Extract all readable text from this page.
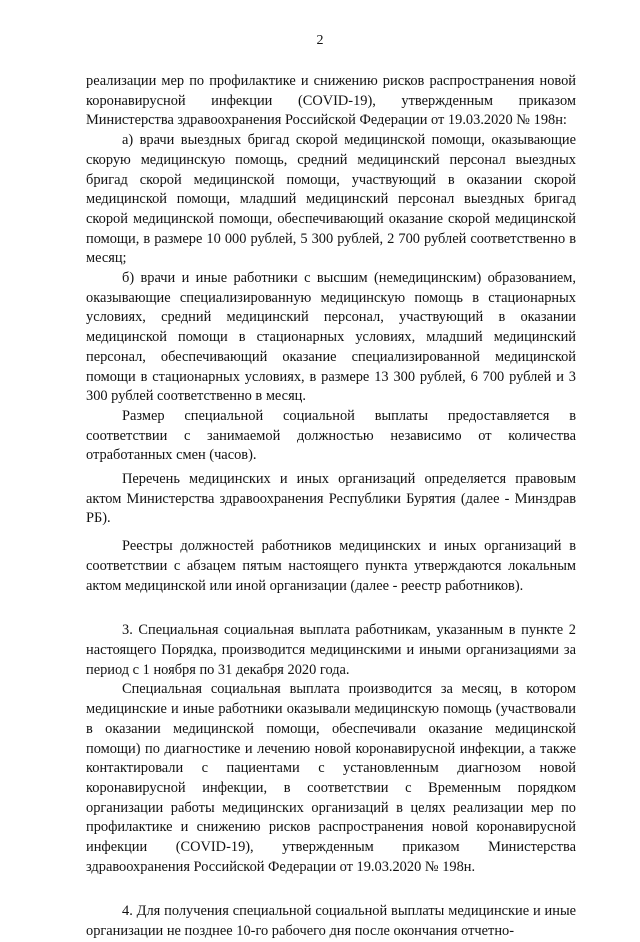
2

реализации мер по профилактике и снижению рисков распространения новой коронавирусной инфекции (COVID-19), утвержденным приказом Министерства здравоохранения Российской Федерации от 19.03.2020 № 198н:

а) врачи выездных бригад скорой медицинской помощи, оказывающие скорую медицинскую помощь, средний медицинский персонал выездных бригад скорой медицинской помощи, участвующий в оказании скорой медицинской помощи, младший медицинский персонал выездных бригад скорой медицинской помощи, обеспечивающий оказание скорой медицинской помощи, в размере 10 000 рублей, 5 300 рублей, 2 700 рублей соответственно в месяц;

б) врачи и иные работники с высшим (немедицинским) образованием, оказывающие специализированную медицинскую помощь в стационарных условиях, средний медицинский персонал, участвующий в оказании медицинской помощи в стационарных условиях, младший медицинский персонал, обеспечивающий оказание специализированной медицинской помощи в стационарных условиях, в размере 13 300 рублей, 6 700 рублей и 3 300 рублей соответственно в месяц.

Размер специальной социальной выплаты предоставляется в соответствии с занимаемой должностью независимо от количества отработанных смен (часов).

Перечень медицинских и иных организаций определяется правовым актом Министерства здравоохранения Республики Бурятия (далее - Минздрав РБ).

Реестры должностей работников медицинских и иных организаций в соответствии с абзацем пятым настоящего пункта утверждаются локальным актом медицинской или иной организации (далее - реестр работников).

3. Специальная социальная выплата работникам, указанным в пункте 2 настоящего Порядка, производится медицинскими и иными организациями за период с 1 ноября по 31 декабря 2020 года.

Специальная социальная выплата производится за месяц, в котором медицинские и иные работники оказывали медицинскую помощь (участвовали в оказании медицинской помощи, обеспечивали оказание медицинской помощи) по диагностике и лечению новой коронавирусной инфекции, а также контактировали с пациентами с установленным диагнозом новой коронавирусной инфекции, в соответствии с Временным порядком организации работы медицинских организаций в целях реализации мер по профилактике и снижению рисков распространения новой коронавирусной инфекции (COVID-19), утвержденным приказом Министерства здравоохранения Российской Федерации от 19.03.2020 № 198н.

4. Для получения специальной социальной выплаты медицинские и иные организации не позднее 10-го рабочего дня после окончания отчетно-
